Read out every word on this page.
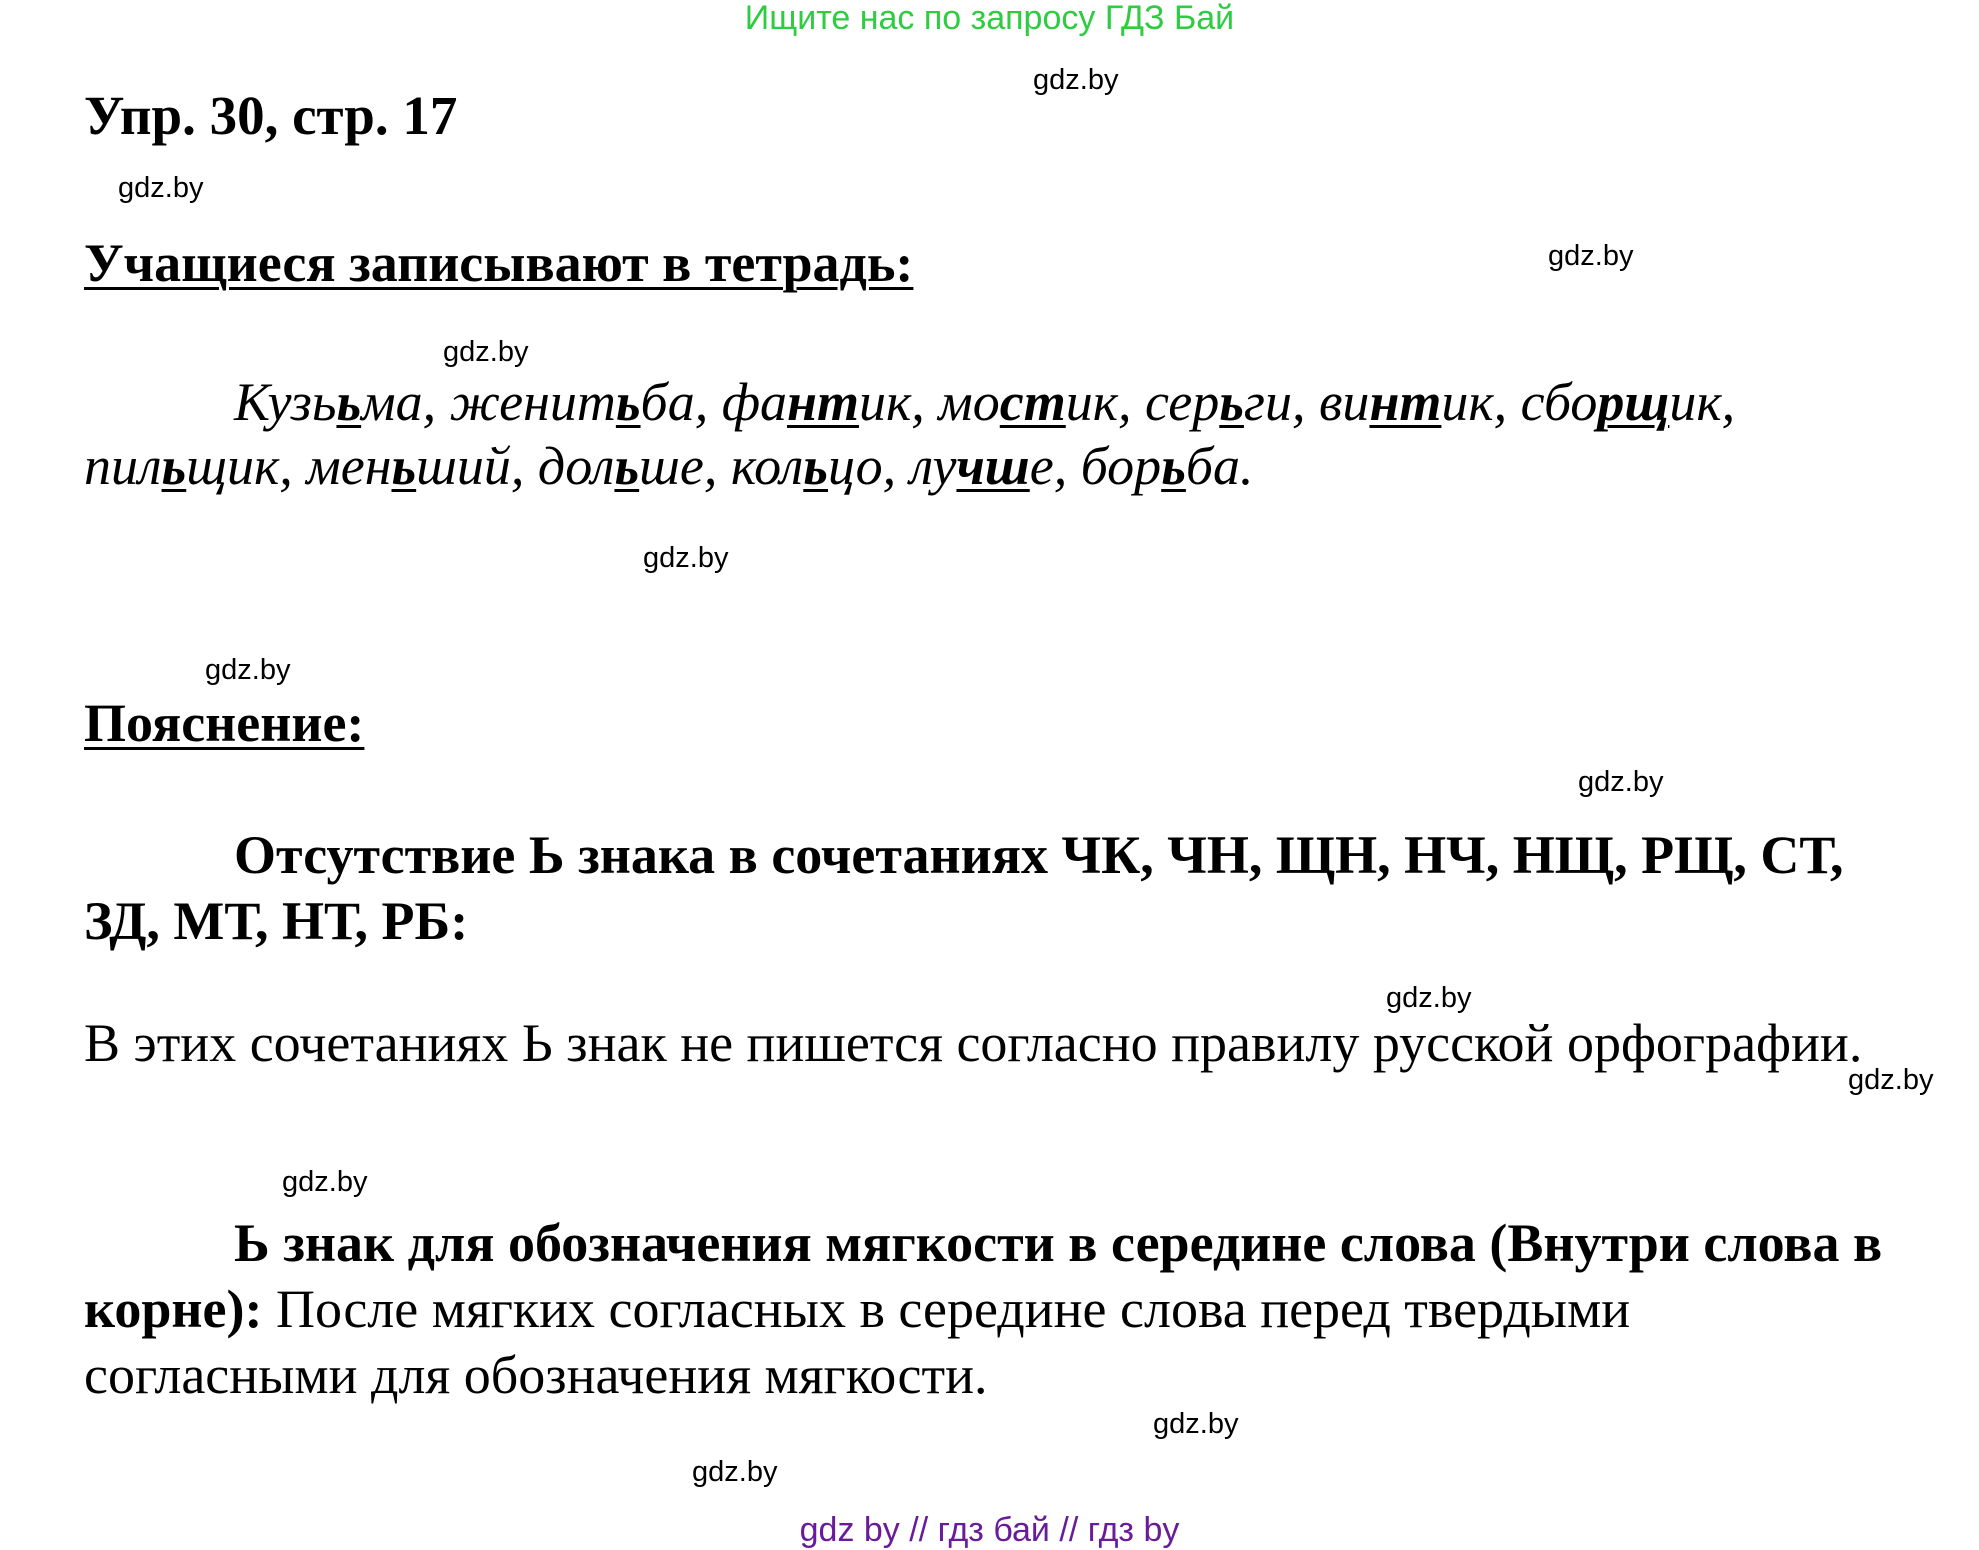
Ищите нас по запросу ГДЗ Бай
Упр. 30, стр. 17
Учащиеся записывают в тетрадь:
Кузььма, женитьба, фантик, мостик, серьги, винтик, сборщик, пильщик, меньший, дольше, кольцо, лучше, борьба.
Пояснение:
Отсутствие Ь знака в сочетаниях ЧК, ЧН, ЩН, НЧ, НЩ, РЩ, СТ, ЗД, МТ, НТ, РБ:
В этих сочетаниях Ь знак не пишется согласно правилу русской орфографии.
Ь знак для обозначения мягкости в середине слова (Внутри слова в корне): После мягких согласных в середине слова перед твердыми согласными для обозначения мягкости.
gdz.by
gdz.by
gdz.by
gdz.by
gdz.by
gdz.by
gdz.by
gdz.by
gdz.by
gdz.by
gdz.by
gdz.by
gdz by // гдз бай // гдз by
